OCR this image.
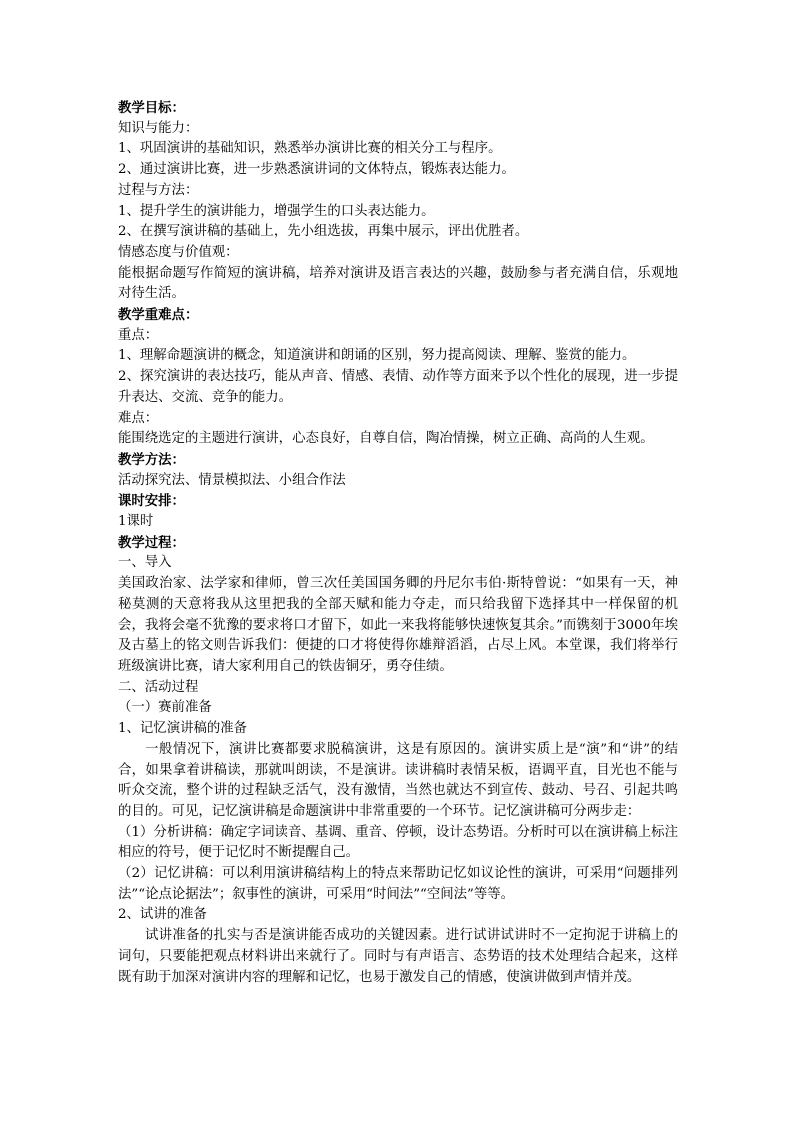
教学目标：
知识与能力：
1、巩固演讲的基础知识，熟悉举办演讲比赛的相关分工与程序。
2、通过演讲比赛，进一步熟悉演讲词的文体特点，锻炼表达能力。
过程与方法：
1、提升学生的演讲能力，增强学生的口头表达能力。
2、在撰写演讲稿的基础上，先小组选拔，再集中展示，评出优胜者。
情感态度与价值观：
能根据命题写作简短的演讲稿，培养对演讲及语言表达的兴趣，鼓励参与者充满自信，乐观地对待生活。
教学重难点：
重点：
1、理解命题演讲的概念，知道演讲和朗诵的区别，努力提高阅读、理解、鉴赏的能力。
2、探究演讲的表达技巧，能从声音、情感、表情、动作等方面来予以个性化的展现，进一步提升表达、交流、竞争的能力。
难点：
能围绕选定的主题进行演讲，心态良好，自尊自信，陶冶情操，树立正确、高尚的人生观。
教学方法：
活动探究法、情景模拟法、小组合作法
课时安排：
1课时
教学过程：
一、导入
美国政治家、法学家和律师，曾三次任美国国务卿的丹尼尔韦伯·斯特曾说：“如果有一天，神秘莫测的天意将我从这里把我的全部天赋和能力夺走，而只给我留下选择其中一样保留的机会，我将会毫不犹豫的要求将口才留下，如此一来我将能够快速恢复其余。”而镌刻于3000年埃及古墓上的铭文则告诉我们：便捷的口才将使得你雄辩滔滔，占尽上风。本堂课，我们将举行班级演讲比赛，请大家利用自己的铁齿铜牙，勇夺佳绩。
二、活动过程
（一）赛前准备
1、记忆演讲稿的准备
一般情况下，演讲比赛都要求脱稿演讲，这是有原因的。演讲实质上是“演”和“讲”的结合，如果拿着讲稿读，那就叫朗读，不是演讲。读讲稿时表情呆板，语调平直，目光也不能与听众交流，整个讲的过程缺乏活气，没有激情，当然也就达不到宣传、鼓动、号召、引起共鸣的目的。可见，记忆演讲稿是命题演讲中非常重要的一个环节。记忆演讲稿可分两步走：
（1）分析讲稿：确定字词读音、基调、重音、停顿，设计态势语。分析时可以在演讲稿上标注相应的符号，便于记忆时不断提醒自己。
（2）记忆讲稿：可以利用演讲稿结构上的特点来帮助记忆如议论性的演讲，可采用“问题排列法”“论点论据法”；叙事性的演讲，可采用“时间法”“空间法”等等。
2、试讲的准备
试讲准备的扎实与否是演讲能否成功的关键因素。进行试讲试讲时不一定拘泥于讲稿上的词句，只要能把观点材料讲出来就行了。同时与有声语言、态势语的技术处理结合起来，这样既有助于加深对演讲内容的理解和记忆，也易于激发自己的情感，使演讲做到声情并茂。
